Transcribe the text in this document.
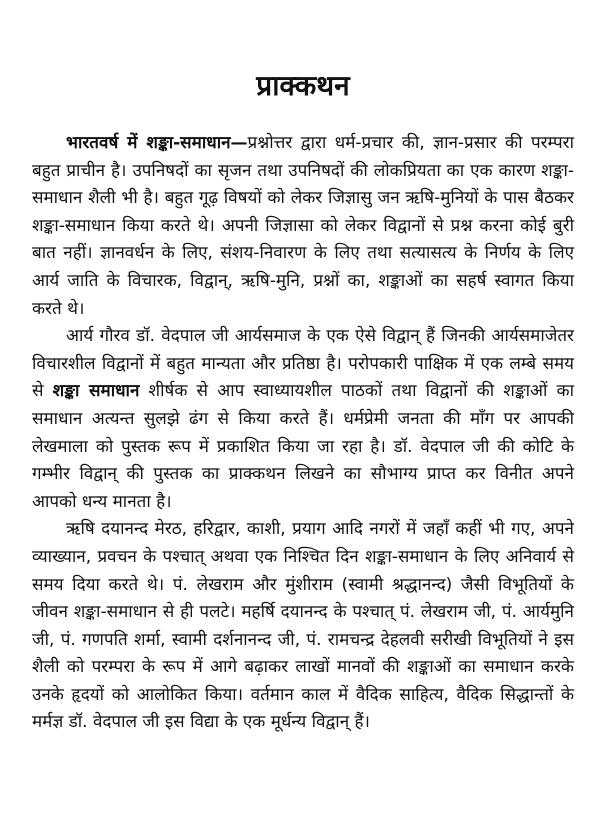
प्राक्कथन

भारतवर्ष में शङ्का-समाधान—प्रश्नोत्तर द्वारा धर्म-प्रचार की, ज्ञान-प्रसार की परम्परा बहुत प्राचीन है। उपनिषदों का सृजन तथा उपनिषदों की लोकप्रियता का एक कारण शङ्का-समाधान शैली भी है। बहुत गूढ़ विषयों को लेकर जिज्ञासु जन ऋषि-मुनियों के पास बैठकर शङ्का-समाधान किया करते थे। अपनी जिज्ञासा को लेकर विद्वानों से प्रश्न करना कोई बुरी बात नहीं। ज्ञानवर्धन के लिए, संशय-निवारण के लिए तथा सत्यासत्य के निर्णय के लिए आर्य जाति के विचारक, विद्वान्, ऋषि-मुनि, प्रश्नों का, शङ्काओं का सहर्ष स्वागत किया करते थे।

आर्य गौरव डॉ. वेदपाल जी आर्यसमाज के एक ऐसे विद्वान् हैं जिनकी आर्यसमाजेतर विचारशील विद्वानों में बहुत मान्यता और प्रतिष्ठा है। परोपकारी पाक्षिक में एक लम्बे समय से शङ्का समाधान शीर्षक से आप स्वाध्यायशील पाठकों तथा विद्वानों की शङ्काओं का समाधान अत्यन्त सुलझे ढंग से किया करते हैं। धर्मप्रेमी जनता की माँग पर आपकी लेखमाला को पुस्तक रूप में प्रकाशित किया जा रहा है। डॉ. वेदपाल जी की कोटि के गम्भीर विद्वान् की पुस्तक का प्राक्कथन लिखने का सौभाग्य प्राप्त कर विनीत अपने आपको धन्य मानता है।

ऋषि दयानन्द मेरठ, हरिद्वार, काशी, प्रयाग आदि नगरों में जहाँ कहीं भी गए, अपने व्याख्यान, प्रवचन के पश्चात् अथवा एक निश्चित दिन शङ्का-समाधान के लिए अनिवार्य से समय दिया करते थे। पं. लेखराम और मुंशीराम (स्वामी श्रद्धानन्द) जैसी विभूतियों के जीवन शङ्का-समाधान से ही पलटे। महर्षि दयानन्द के पश्चात् पं. लेखराम जी, पं. आर्यमुनि जी, पं. गणपति शर्मा, स्वामी दर्शनानन्द जी, पं. रामचन्द्र देहलवी सरीखी विभूतियों ने इस शैली को परम्परा के रूप में आगे बढ़ाकर लाखों मानवों की शङ्काओं का समाधान करके उनके हृदयों को आलोकित किया। वर्तमान काल में वैदिक साहित्य, वैदिक सिद्धान्तों के मर्मज्ञ डॉ. वेदपाल जी इस विद्या के एक मूर्धन्य विद्वान् हैं।
